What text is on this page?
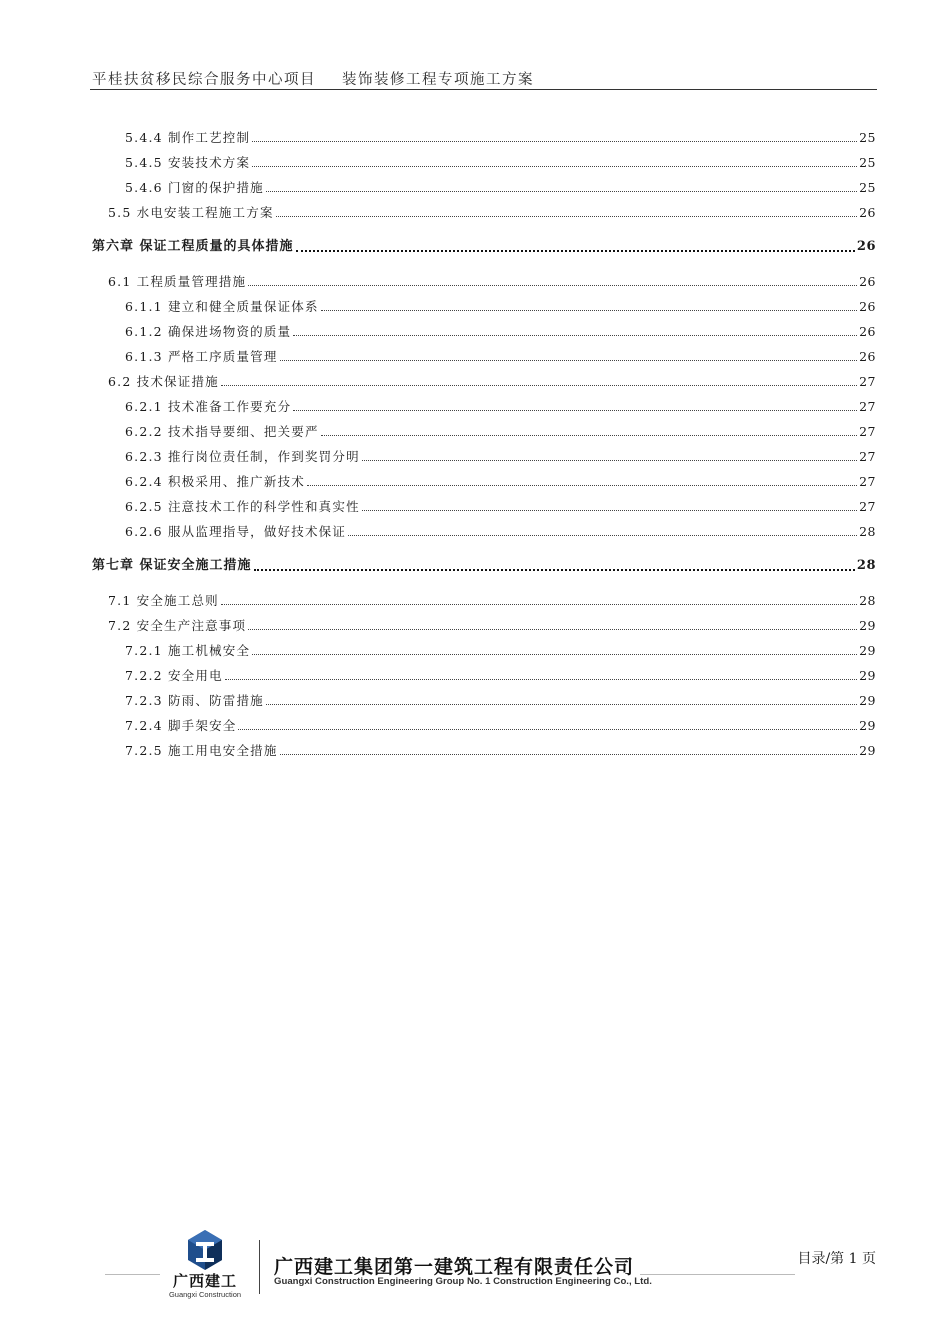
平桂扶贫移民综合服务中心项目 装饰装修工程专项施工方案
5.4.4 制作工艺控制	25
5.4.5 安装技术方案	25
5.4.6 门窗的保护措施	25
5.5 水电安装工程施工方案	26
第六章 保证工程质量的具体措施	26
6.1 工程质量管理措施	26
6.1.1 建立和健全质量保证体系	26
6.1.2 确保进场物资的质量	26
6.1.3 严格工序质量管理	26
6.2 技术保证措施	27
6.2.1 技术准备工作要充分	27
6.2.2 技术指导要细、把关要严	27
6.2.3 推行岗位责任制，作到奖罚分明	27
6.2.4 积极采用、推广新技术	27
6.2.5 注意技术工作的科学性和真实性	27
6.2.6 服从监理指导，做好技术保证	28
第七章 保证安全施工措施	28
7.1 安全施工总则	28
7.2 安全生产注意事项	29
7.2.1 施工机械安全	29
7.2.2 安全用电	29
7.2.3 防雨、防雷措施	29
7.2.4 脚手架安全	29
7.2.5 施工用电安全措施	29
广西建工
Guangxi Construction
广西建工集团第一建筑工程有限责任公司
Guangxi Construction Engineering Group No. 1 Construction Engineering Co., Ltd.
目录/第 1 页
